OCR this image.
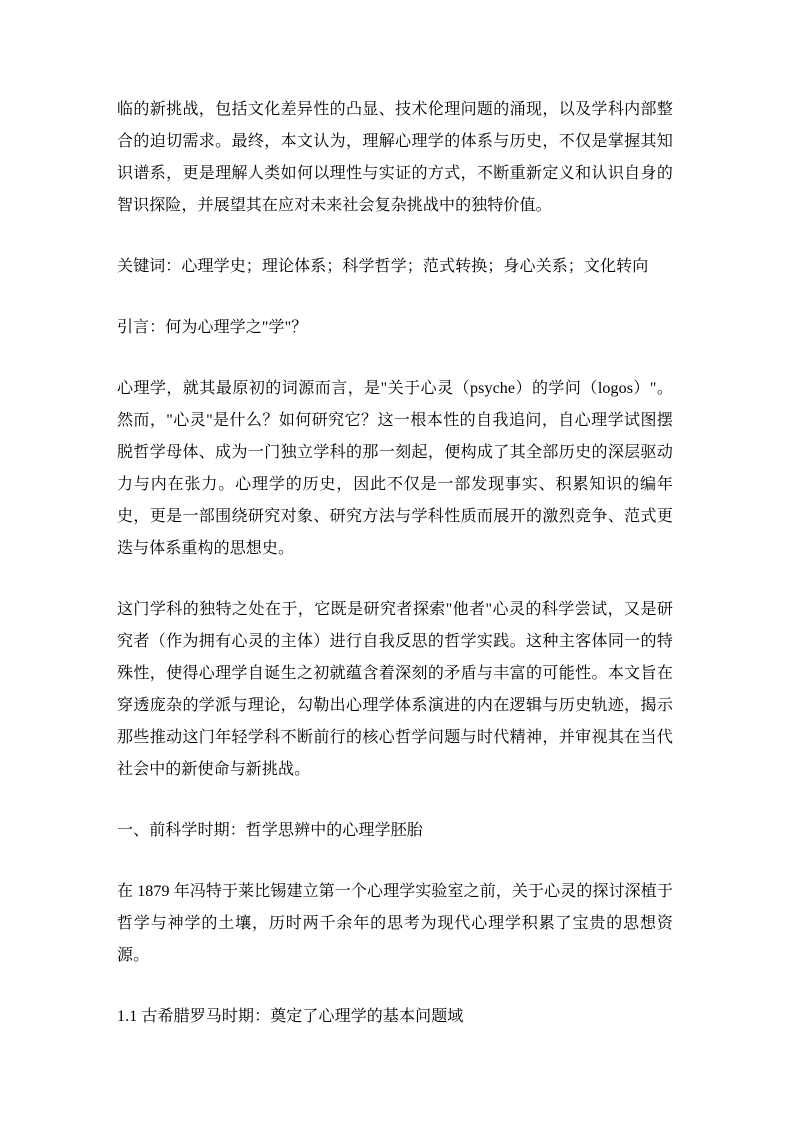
临的新挑战，包括文化差异性的凸显、技术伦理问题的涌现，以及学科内部整合的迫切需求。最终，本文认为，理解心理学的体系与历史，不仅是掌握其知识谱系，更是理解人类如何以理性与实证的方式，不断重新定义和认识自身的智识探险，并展望其在应对未来社会复杂挑战中的独特价值。

关键词：心理学史；理论体系；科学哲学；范式转换；身心关系；文化转向

引言：何为心理学之"学"？

心理学，就其最原初的词源而言，是"关于心灵（psyche）的学问（logos）"。然而，"心灵"是什么？如何研究它？这一根本性的自我追问，自心理学试图摆脱哲学母体、成为一门独立学科的那一刻起，便构成了其全部历史的深层驱动力与内在张力。心理学的历史，因此不仅是一部发现事实、积累知识的编年史，更是一部围绕研究对象、研究方法与学科性质而展开的激烈竞争、范式更迭与体系重构的思想史。

这门学科的独特之处在于，它既是研究者探索"他者"心灵的科学尝试，又是研究者（作为拥有心灵的主体）进行自我反思的哲学实践。这种主客体同一的特殊性，使得心理学自诞生之初就蕴含着深刻的矛盾与丰富的可能性。本文旨在穿透庞杂的学派与理论，勾勒出心理学体系演进的内在逻辑与历史轨迹，揭示那些推动这门年轻学科不断前行的核心哲学问题与时代精神，并审视其在当代社会中的新使命与新挑战。

一、前科学时期：哲学思辨中的心理学胚胎

在 1879 年冯特于莱比锡建立第一个心理学实验室之前，关于心灵的探讨深植于哲学与神学的土壤，历时两千余年的思考为现代心理学积累了宝贵的思想资源。

1.1 古希腊罗马时期：奠定了心理学的基本问题域
